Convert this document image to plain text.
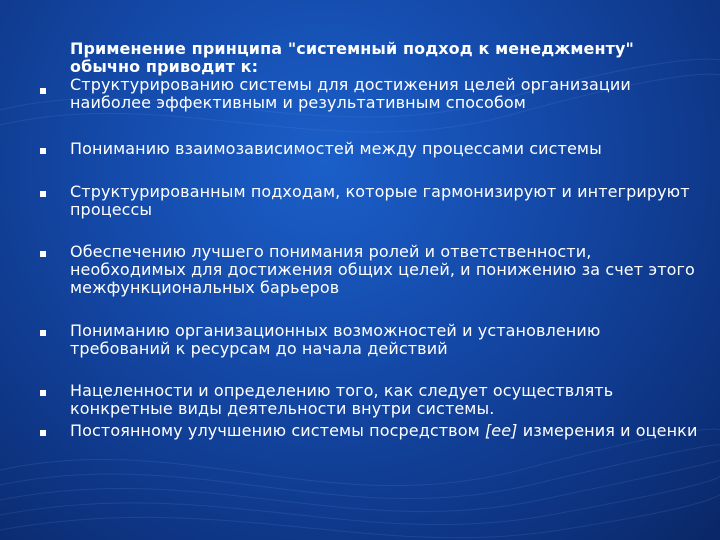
Применение принципа "системный подход к менеджменту" обычно приводит к:
Структурированию системы для достижения целей организации наиболее эффективным и результативным способом
Пониманию взаимозависимостей между процессами системы
Структурированным подходам, которые гармонизируют и интегрируют процессы
Обеспечению лучшего понимания ролей и ответственности, необходимых для достижения общих целей, и понижению за счет этого межфункциональных барьеров
Пониманию организационных возможностей и установлению требований к ресурсам до начала действий
Нацеленности и определению того, как следует осуществлять конкретные виды деятельности внутри системы.
Постоянному улучшению системы посредством [ее] измерения и оценки
